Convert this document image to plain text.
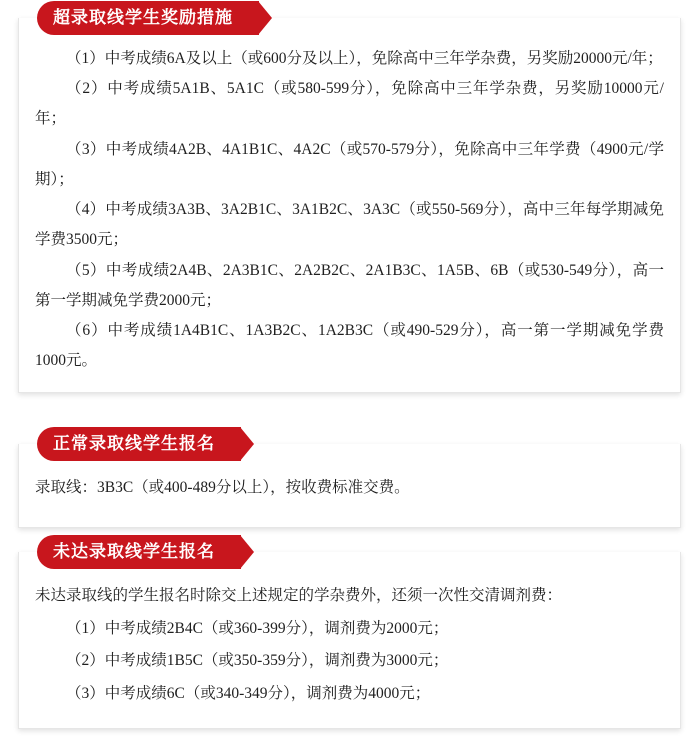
超录取线学生奖励措施

（1）中考成绩6A及以上（或600分及以上），免除高中三年学杂费，另奖励20000元/年；

（2）中考成绩5A1B、5A1C（或580-599分），免除高中三年学杂费，另奖励10000元/年；

（3）中考成绩4A2B、4A1B1C、4A2C（或570-579分），免除高中三年学费（4900元/学期）；

（4）中考成绩3A3B、3A2B1C、3A1B2C、3A3C（或550-569分），高中三年每学期减免学费3500元；

（5）中考成绩2A4B、2A3B1C、2A2B2C、2A1B3C、1A5B、6B（或530-549分），高一第一学期减免学费2000元；

（6）中考成绩1A4B1C、1A3B2C、1A2B3C（或490-529分），高一第一学期减免学费1000元。

正常录取线学生报名

录取线：3B3C（或400-489分以上），按收费标准交费。

未达录取线学生报名

未达录取线的学生报名时除交上述规定的学杂费外，还须一次性交清调剂费：

（1）中考成绩2B4C（或360-399分），调剂费为2000元；

（2）中考成绩1B5C（或350-359分），调剂费为3000元；

（3）中考成绩6C（或340-349分），调剂费为4000元；
